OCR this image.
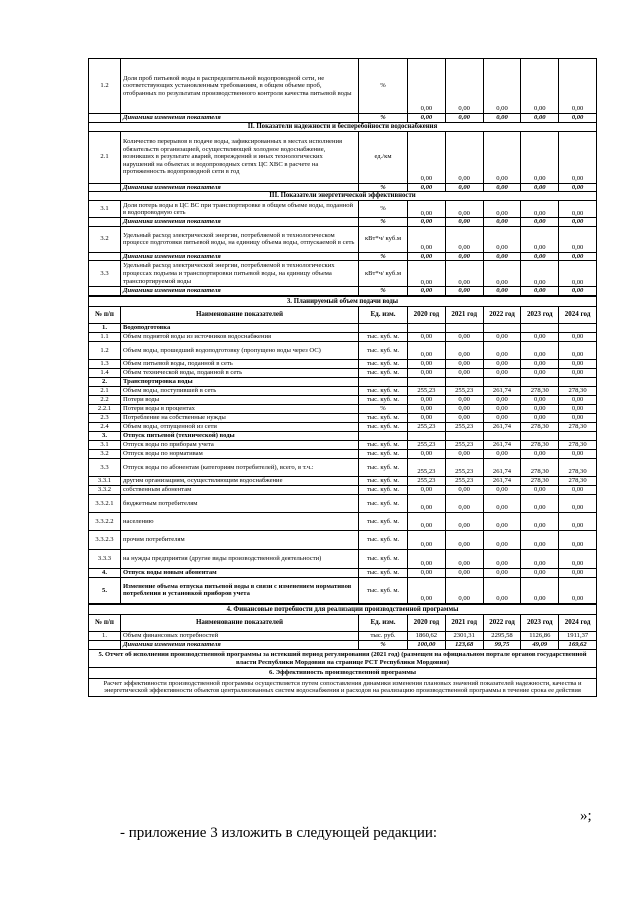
1.2	Доля проб питьевой воды в распределительной водопроводной сети, не соответствующих установленным требованиям, в общем объеме проб, отобранных по результатам производственного контроля качества питьевой воды	%	0,00	0,00	0,00	0,00	0,00
	Динамика изменения показателя	%	0,00	0,00	0,00	0,00	0,00
II. Показатели надежности и бесперебойности водоснабжения							
2.1	Количество перерывов в подаче воды, зафиксированных в местах исполнения обязательств организацией, осуществляющей холодное водоснабжение, возникших в результате аварий, повреждений и иных технологических нарушений на объектах и водопроводных сетях ЦС ХВС в расчете на протяженность водопроводной сети в год	ед./км	0,00	0,00	0,00	0,00	0,00
	Динамика изменения показателя	%	0,00	0,00	0,00	0,00	0,00
III. Показатели энергетической эффективности							
3.1	Доля потерь воды в ЦС ВС при транспортировке в общем объеме воды, поданной в водопроводную сеть	%	0,00	0,00	0,00	0,00	0,00
	Динамика изменения показателя	%	0,00	0,00	0,00	0,00	0,00
3.2	Удельный расход электрической энергии, потребляемой в технологическом процессе подготовки питьевой воды, на единицу объема воды, отпускаемой в сеть	кВт*ч/ куб.м	0,00	0,00	0,00	0,00	0,00
	Динамика изменения показателя	%	0,00	0,00	0,00	0,00	0,00
3.3	Удельный расход электрической энергии, потребляемой в технологических процессах подъема и транспортировки питьевой воды, на единицу объема транспортируемой воды	кВт*ч/ куб.м	0,00	0,00	0,00	0,00	0,00
	Динамика изменения показателя	%	0,00	0,00	0,00	0,00	0,00
3. Планируемый объем подачи воды							
№ п/п	Наименование показателей	Ед. изм.	2020 год	2021 год	2022 год	2023 год	2024 год
1.	Водоподготовка						
1.1	Объем поднятой воды из источников водоснабжения	тыс. куб. м.	0,00	0,00	0,00	0,00	0,00
1.2	Объем воды, прошедший водоподготовку (пропущено воды через ОС)	тыс. куб. м.	0,00	0,00	0,00	0,00	0,00
1.3	Объем питьевой воды, поданной в сеть	тыс. куб. м.	0,00	0,00	0,00	0,00	0,00
1.4	Объем технической воды, поданной в сеть	тыс. куб. м.	0,00	0,00	0,00	0,00	0,00
2.	Транспортировка воды						
2.1	Объем воды, поступившей в сеть	тыс. куб. м.	255,23	255,23	261,74	278,30	278,30
2.2	Потери воды	тыс. куб. м.	0,00	0,00	0,00	0,00	0,00
2.2.1	Потери воды в процентах	%	0,00	0,00	0,00	0,00	0,00
2.3	Потребление на собственные нужды	тыс. куб. м.	0,00	0,00	0,00	0,00	0,00
2.4	Объем воды, отпущенной из сети	тыс. куб. м.	255,23	255,23	261,74	278,30	278,30
3.	Отпуск питьевой (технической) воды						
3.1	Отпуск воды по приборам учета	тыс. куб. м.	255,23	255,23	261,74	278,30	278,30
3.2	Отпуск воды по нормативам	тыс. куб. м.	0,00	0,00	0,00	0,00	0,00
3.3	Отпуск воды по абонентам (категориям потребителей), всего, в т.ч.:	тыс. куб. м.	255,23	255,23	261,74	278,30	278,30
3.3.1	другим организациям, осуществляющим водоснабжение	тыс. куб. м.	255,23	255,23	261,74	278,30	278,30
3.3.2	собственным абонентам	тыс. куб. м.	0,00	0,00	0,00	0,00	0,00
3.3.2.1	бюджетным потребителям	тыс. куб. м.	0,00	0,00	0,00	0,00	0,00
3.3.2.2	населению	тыс. куб. м.	0,00	0,00	0,00	0,00	0,00
3.3.2.3	прочим потребителям	тыс. куб. м.	0,00	0,00	0,00	0,00	0,00
3.3.3	на нужды предприятия (другие виды производственной деятельности)	тыс. куб. м.	0,00	0,00	0,00	0,00	0,00
4.	Отпуск воды новым абонентам	тыс. куб. м.	0,00	0,00	0,00	0,00	0,00
5.	Изменение объема отпуска питьевой воды в связи с изменением нормативов потребления и установкой приборов учета	тыс. куб. м.	0,00	0,00	0,00	0,00	0,00
4. Финансовые потребности для реализации производственной программы							
№ п/п	Наименование показателей	Ед. изм.	2020 год	2021 год	2022 год	2023 год	2024 год
1.	Объем финансовых потребностей	тыс. руб.	1860,62	2301,31	2295,58	1126,86	1911,37
	Динамика изменения показателя	%	100,00	123,68	99,75	49,09	169,62
5. Отчет об исполнении производственной программы за истекший период регулирования (2021 год) (размещен на официальном портале органов государственной власти Республики Мордовия на странице РСТ Республики Мордовия)							
6. Эффективность производственной программы							
Расчет эффективности производственной программы осуществляется путем сопоставления динамики изменения плановых значений показателей надежности, качества и энергетической эффективности объектов централизованных систем водоснабжения и расходов на реализацию производственной программы в течение срока ее действия							
»;
- приложение 3 изложить в следующей редакции:
